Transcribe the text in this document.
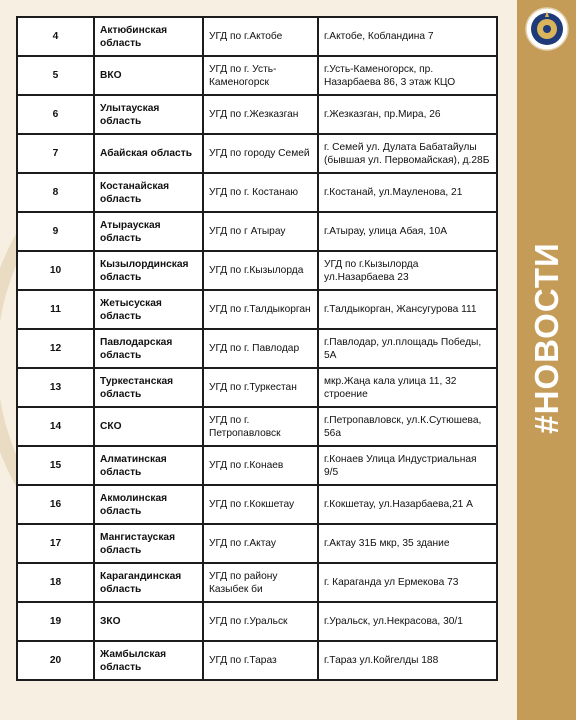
#НОВОСТИ
4	Актюбинская область	УГД по г.Актобе	г.Актобе, Кобландина 7
5	ВКО	УГД по г. Усть-Каменогорск	г.Усть-Каменогорск, пр. Назарбаева 86, 3 этаж КЦО
6	Улытауская область	УГД по г.Жезказган	г.Жезказган, пр.Мира, 26
7	Абайская область	УГД по городу Семей	г. Семей ул. Дулата Бабатайулы (бывшая ул. Первомайская), д.28Б
8	Костанайская область	УГД по г. Костанаю	г.Костанай, ул.Мауленова, 21
9	Атырауская область	УГД по г Атырау	г.Атырау, улица Абая, 10А
10	Кызылординская область	УГД по г.Кызылорда	УГД по г.Кызылорда ул.Назарбаева 23
11	Жетысуская область	УГД по г.Талдыкорган	г.Талдыкорган, Жансугурова 111
12	Павлодарская область	УГД по г. Павлодар	г.Павлодар, ул.площадь Победы, 5А
13	Туркестанская область	УГД по г.Туркестан	мкр.Жаңа кала улица 11, 32 строение
14	СКО	УГД по г. Петропавловск	г.Петропавловск, ул.К.Сутюшева, 56а
15	Алматинская область	УГД по г.Конаев	г.Конаев Улица Индустриальная 9/5
16	Акмолинская область	УГД по г.Кокшетау	г.Кокшетау, ул.Назарбаева,21 А
17	Мангистауская область	УГД по г.Актау	г.Актау 31Б мкр, 35 здание
18	Карагандинская область	УГД по району Казыбек би	г. Караганда ул Ермекова 73
19	ЗКО	УГД по г.Уральск	г.Уральск, ул.Некрасова, 30/1
20	Жамбылская область	УГД по г.Тараз	г.Тараз ул.Койгелды 188
